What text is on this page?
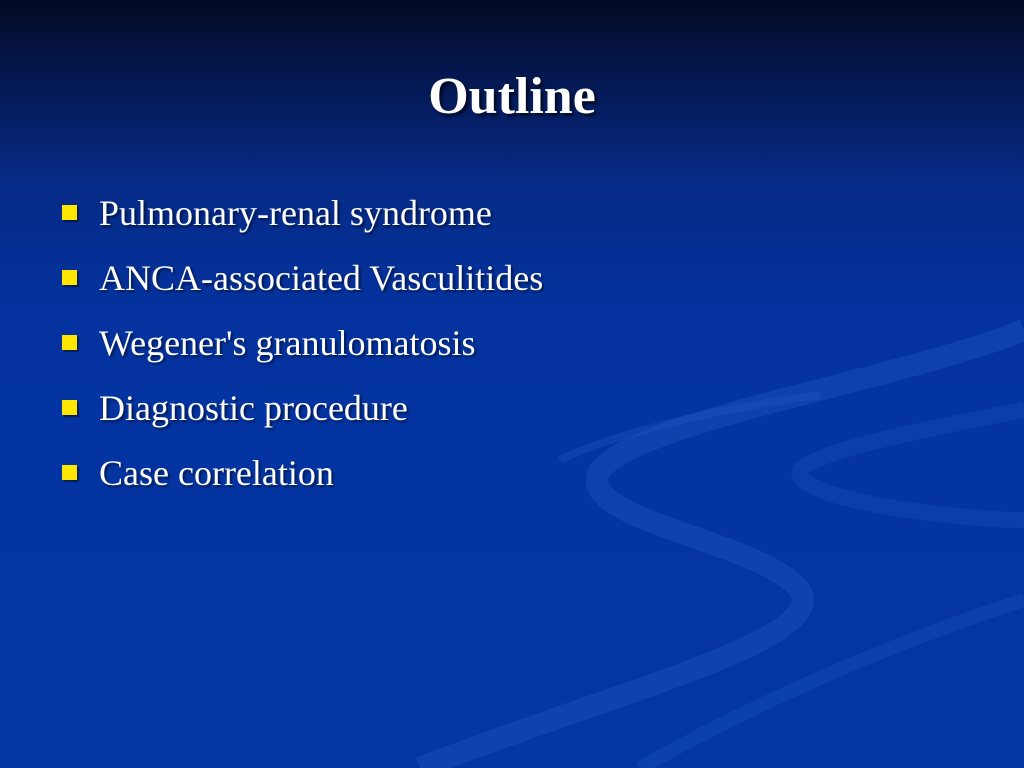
Outline
Pulmonary-renal syndrome
ANCA-associated Vasculitides
Wegener's granulomatosis
Diagnostic procedure
Case correlation
